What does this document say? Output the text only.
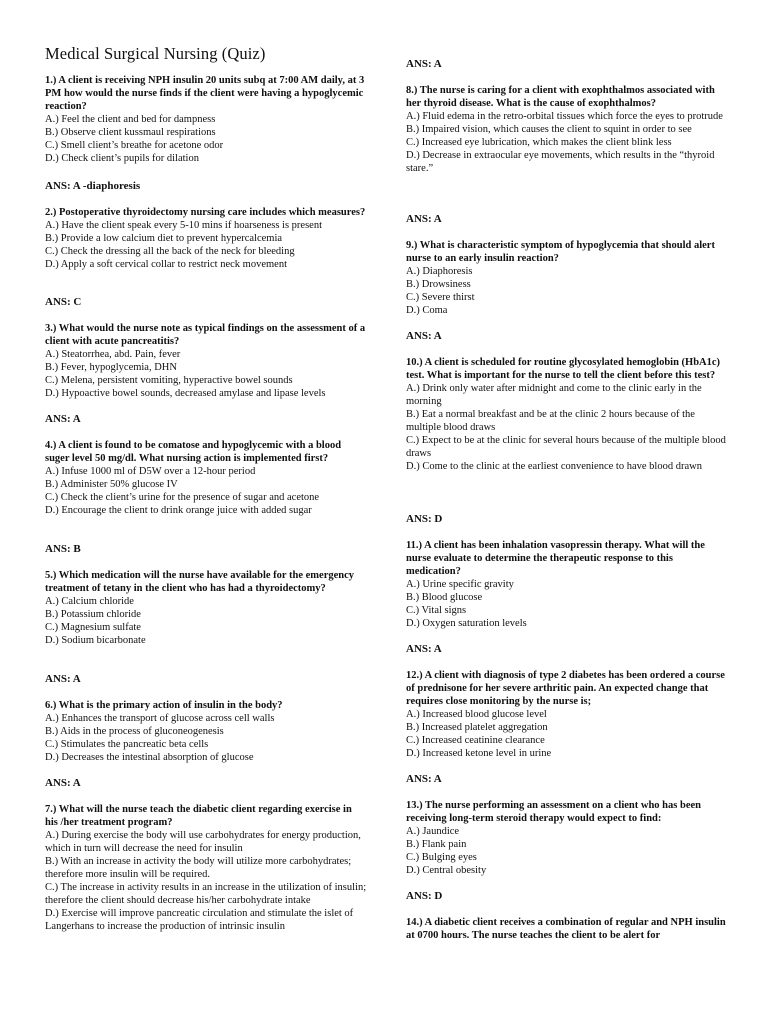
Medical Surgical Nursing (Quiz)

1.) A client is receiving NPH insulin 20 units subq at 7:00 AM daily, at 3 PM how would the nurse finds if the client were having a hypoglycemic reaction?

A.) Feel the client and bed for dampness

B.) Observe client kussmaul respirations

C.) Smell client’s breathe for acetone odor

D.) Check client’s pupils for dilation

ANS: A -diaphoresis

2.) Postoperative thyroidectomy nursing care includes which measures?

A.) Have the client speak every 5-10 mins if hoarseness is present

B.) Provide a low calcium diet to prevent hypercalcemia

C.) Check the dressing all the back of the neck for bleeding

D.) Apply a soft cervical collar to restrict neck movement

ANS: C

3.) What would the nurse note as typical findings on the assessment of a client with acute pancreatitis?

A.) Steatorrhea, abd. Pain, fever

B.) Fever, hypoglycemia, DHN

C.) Melena, persistent vomiting, hyperactive bowel sounds

D.) Hypoactive bowel sounds, decreased amylase and lipase levels

ANS: A

4.) A client is found to be comatose and hypoglycemic with a blood suger level 50 mg/dl. What nursing action is implemented first?

A.) Infuse 1000 ml of D5W over a 12-hour period

B.) Administer 50% glucose IV

C.) Check the client’s urine for the presence of sugar and acetone

D.) Encourage the client to drink orange juice with added sugar

ANS: B

5.) Which medication will the nurse have available for the emergency treatment of tetany in the client who has had a thyroidectomy?

A.) Calcium chloride

B.) Potassium chloride

C.) Magnesium sulfate

D.) Sodium bicarbonate

ANS: A

6.) What is the primary action of insulin in the body?

A.) Enhances the transport of glucose across cell walls

B.) Aids in the process of gluconeogenesis

C.) Stimulates the pancreatic beta cells

D.) Decreases the intestinal absorption of glucose

ANS: A

7.) What will the nurse teach the diabetic client regarding exercise in his /her treatment program?

A.) During exercise the body will use carbohydrates for energy production, which in turn will decrease the need for insulin

B.) With an increase in activity the body will utilize more carbohydrates; therefore more insulin will be required.

C.) The increase in activity results in an increase in the utilization of insulin; therefore the client should decrease his/her carbohydrate intake

D.) Exercise will improve pancreatic circulation and stimulate the islet of Langerhans to increase the production of intrinsic insulin

ANS: A

8.) The nurse is caring for a client with exophthalmos associated with her thyroid disease. What is the cause of exophthalmos?

A.) Fluid edema in the retro-orbital tissues which force the eyes to protrude

B.) Impaired vision, which causes the client to squint in order to see

C.) Increased eye lubrication, which makes the client blink less

D.) Decrease in extraocular eye movements, which results in the “thyroid stare.”

ANS: A

9.) What is characteristic symptom of hypoglycemia that should alert nurse to an early insulin reaction?

A.) Diaphoresis

B.) Drowsiness

C.) Severe thirst

D.) Coma

ANS: A

10.) A client is scheduled for routine glycosylated hemoglobin (HbA1c) test. What is important for the nurse to tell the client before this test?

A.) Drink only water after midnight and come to the clinic early in the morning

B.) Eat a normal breakfast and be at the clinic 2 hours because of the multiple blood draws

C.) Expect to be at the clinic for several hours because of the multiple blood draws

D.) Come to the clinic at the earliest convenience to have blood drawn

ANS: D

11.) A client has been inhalation vasopressin therapy. What will the nurse evaluate to determine the therapeutic response to this medication?

A.) Urine specific gravity

B.) Blood glucose

C.) Vital signs

D.) Oxygen saturation levels

ANS: A

12.) A client with diagnosis of type 2 diabetes has been ordered a course of prednisone for her severe arthritic pain. An expected change that requires close monitoring by the nurse is;

A.) Increased blood glucose level

B.) Increased platelet aggregation

C.) Increased ceatinine clearance

D.) Increased ketone level in urine

ANS: A

13.) The nurse performing an assessment on a client who has been receiving long-term steroid therapy would expect to find:

A.) Jaundice

B.) Flank pain

C.) Bulging eyes

D.) Central obesity

ANS: D

14.) A diabetic client receives a combination of regular and NPH insulin at 0700 hours. The nurse teaches the client to be alert for
